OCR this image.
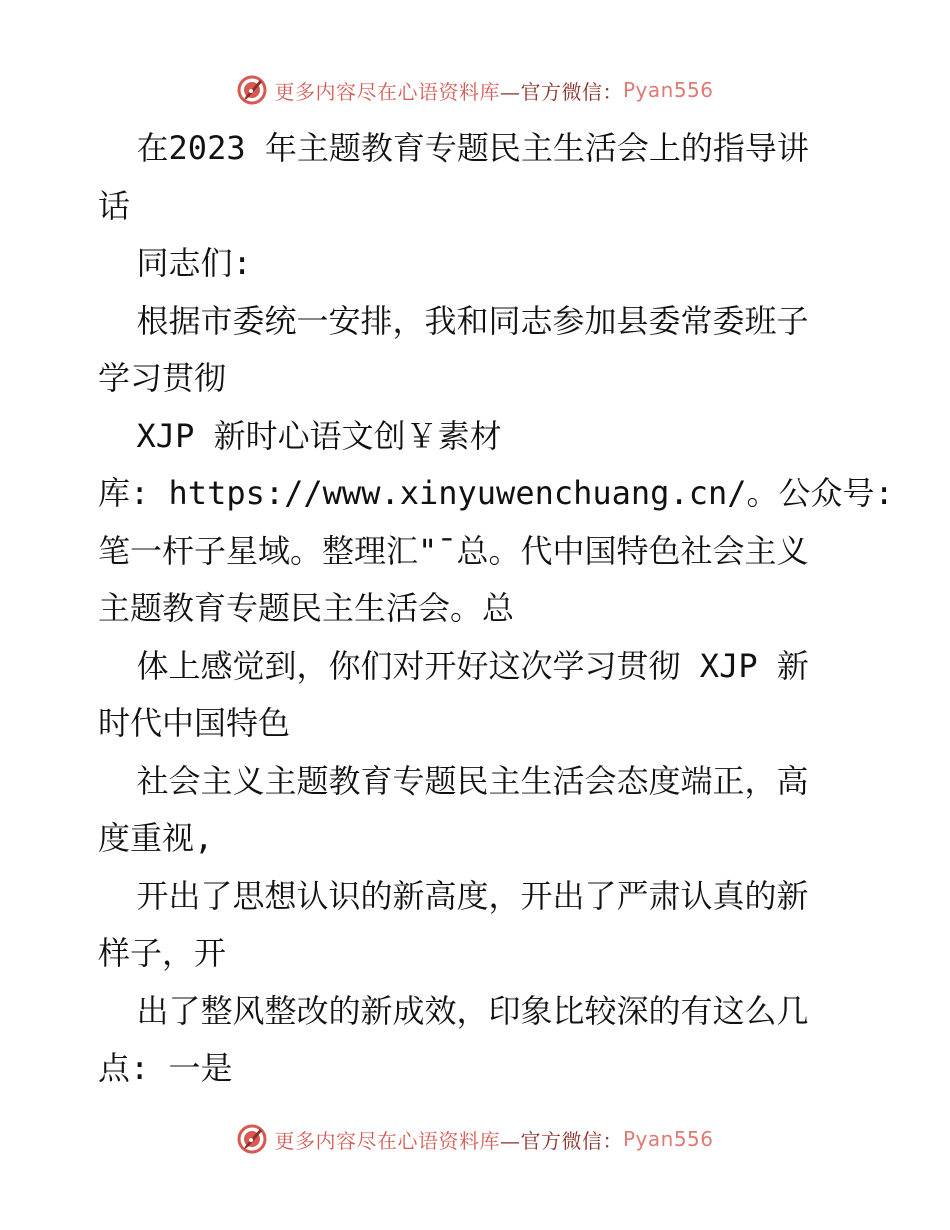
更多内容尽在心语资料库 —官方微信： Pyan556

在2023 年主题教育专题民主生活会上的指导讲

话

同志们:

根据市委统一安排，我和同志参加县委常委班子

学习贯彻

XJP 新时心语文创￥素材

库: https://www.xinyuwenchuang.cn/。公众号:

笔一杆子星域。整理汇"¯总。代中国特色社会主义

主题教育专题民主生活会。总

体上感觉到，你们对开好这次学习贯彻 XJP 新

时代中国特色

社会主义主题教育专题民主生活会态度端正，高

度重视,

开出了思想认识的新高度，开出了严肃认真的新

样子，开

出了整风整改的新成效，印象比较深的有这么几

点: 一是

更多内容尽在心语资料库 —官方微信： Pyan556
